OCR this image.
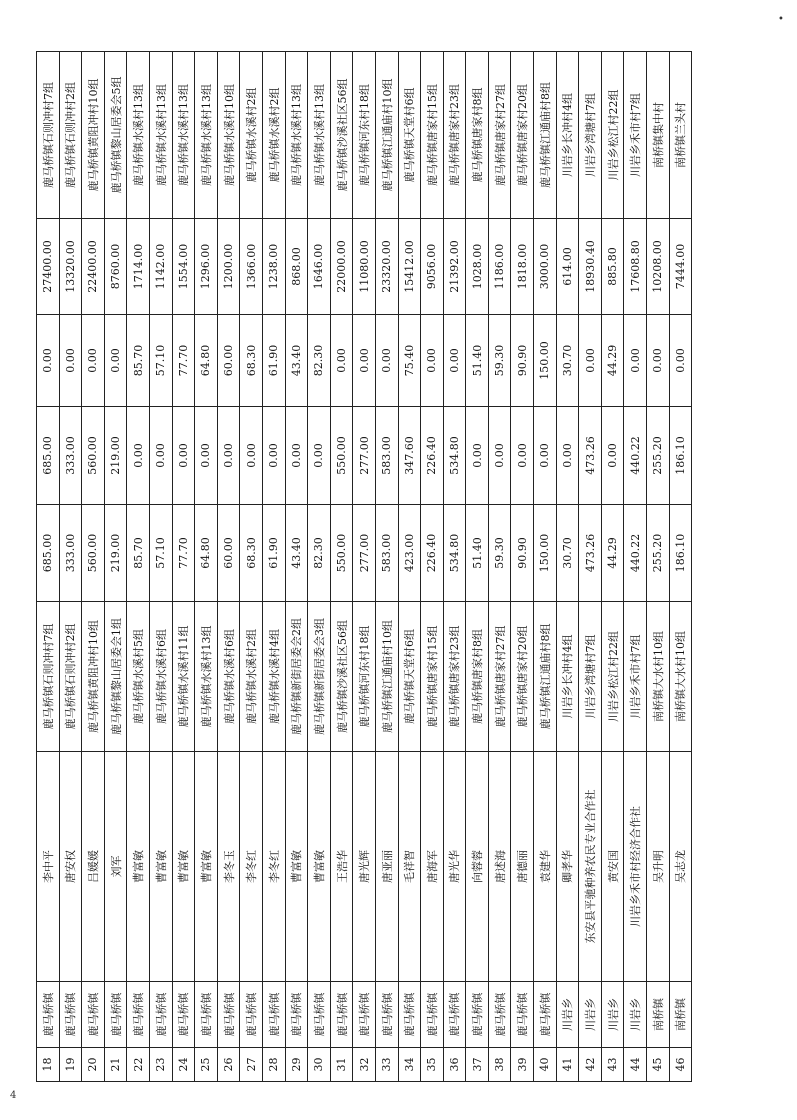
18	鹿马桥镇	李中平	鹿马桥镇石则冲村7组	685.00	685.00	0.00	27400.00	鹿马桥镇石则冲村7组
19	鹿马桥镇	唐安权	鹿马桥镇石则冲村2组	333.00	333.00	0.00	13320.00	鹿马桥镇石则冲村2组
20	鹿马桥镇	吕媛媛	鹿马桥镇黄阻冲村10组	560.00	560.00	0.00	22400.00	鹿马桥镇黄阻冲村10组
21	鹿马桥镇	刘军	鹿马桥镇黎山居委会1组	219.00	219.00	0.00	8760.00	鹿马桥镇黎山居委会5组
22	鹿马桥镇	曹富敏	鹿马桥镇水溪村5组	85.70	0.00	85.70	1714.00	鹿马桥镇水溪村13组
23	鹿马桥镇	曹富敏	鹿马桥镇水溪村6组	57.10	0.00	57.10	1142.00	鹿马桥镇水溪村13组
24	鹿马桥镇	曹富敏	鹿马桥镇水溪村11组	77.70	0.00	77.70	1554.00	鹿马桥镇水溪村13组
25	鹿马桥镇	曹富敏	鹿马桥镇水溪村13组	64.80	0.00	64.80	1296.00	鹿马桥镇水溪村13组
26	鹿马桥镇	李冬玉	鹿马桥镇水溪村6组	60.00	0.00	60.00	1200.00	鹿马桥镇水溪村10组
27	鹿马桥镇	李冬红	鹿马桥镇水溪村2组	68.30	0.00	68.30	1366.00	鹿马桥镇水溪村2组
28	鹿马桥镇	李冬红	鹿马桥镇水溪村4组	61.90	0.00	61.90	1238.00	鹿马桥镇水溪村2组
29	鹿马桥镇	曹富敏	鹿马桥镇新街居委会2组	43.40	0.00	43.40	868.00	鹿马桥镇水溪村13组
30	鹿马桥镇	曹富敏	鹿马桥镇新街居委会3组	82.30	0.00	82.30	1646.00	鹿马桥镇水溪村13组
31	鹿马桥镇	王浩华	鹿马桥镇沙溪社区56组	550.00	550.00	0.00	22000.00	鹿马桥镇沙溪社区56组
32	鹿马桥镇	唐光辉	鹿马桥镇河东村18组	277.00	277.00	0.00	11080.00	鹿马桥镇河东村18组
33	鹿马桥镇	唐亚丽	鹿马桥镇江通庙村10组	583.00	583.00	0.00	23320.00	鹿马桥镇江通庙村10组
34	鹿马桥镇	毛祥智	鹿马桥镇天堂村6组	423.00	347.60	75.40	15412.00	鹿马桥镇天堂村6组
35	鹿马桥镇	唐海军	鹿马桥镇唐家村15组	226.40	226.40	0.00	9056.00	鹿马桥镇唐家村15组
36	鹿马桥镇	唐光华	鹿马桥镇唐家村23组	534.80	534.80	0.00	21392.00	鹿马桥镇唐家村23组
37	鹿马桥镇	向蓉蓉	鹿马桥镇唐家村8组	51.40	0.00	51.40	1028.00	鹿马桥镇唐家村8组
38	鹿马桥镇	唐述海	鹿马桥镇唐家村27组	59.30	0.00	59.30	1186.00	鹿马桥镇唐家村27组
39	鹿马桥镇	唐德丽	鹿马桥镇唐家村20组	90.90	0.00	90.90	1818.00	鹿马桥镇唐家村20组
40	鹿马桥镇	袁建华	鹿马桥镇江通庙村8组	150.00	0.00	150.00	3000.00	鹿马桥镇江通庙村8组
41	川岩乡	卿孝华	川岩乡长冲村4组	30.70	0.00	30.70	614.00	川岩乡长冲村4组
42	川岩乡	东安县平驰种养农民专业合作社	川岩乡湾塘村7组	473.26	473.26	0.00	18930.40	川岩乡湾塘村7组
43	川岩乡	黄安国	川岩乡松江村22组	44.29	0.00	44.29	885.80	川岩乡松江村22组
44	川岩乡	川岩乡禾市村经济合作社	川岩乡禾市村7组	440.22	440.22	0.00	17608.80	川岩乡禾市村7组
45	南桥镇	吴升明	南桥镇大水村10组	255.20	255.20	0.00	10208.00	南桥镇集中村
46	南桥镇	吴志龙	南桥镇大水村10组	186.10	186.10	0.00	7444.00	南桥镇兰头村
4
•
